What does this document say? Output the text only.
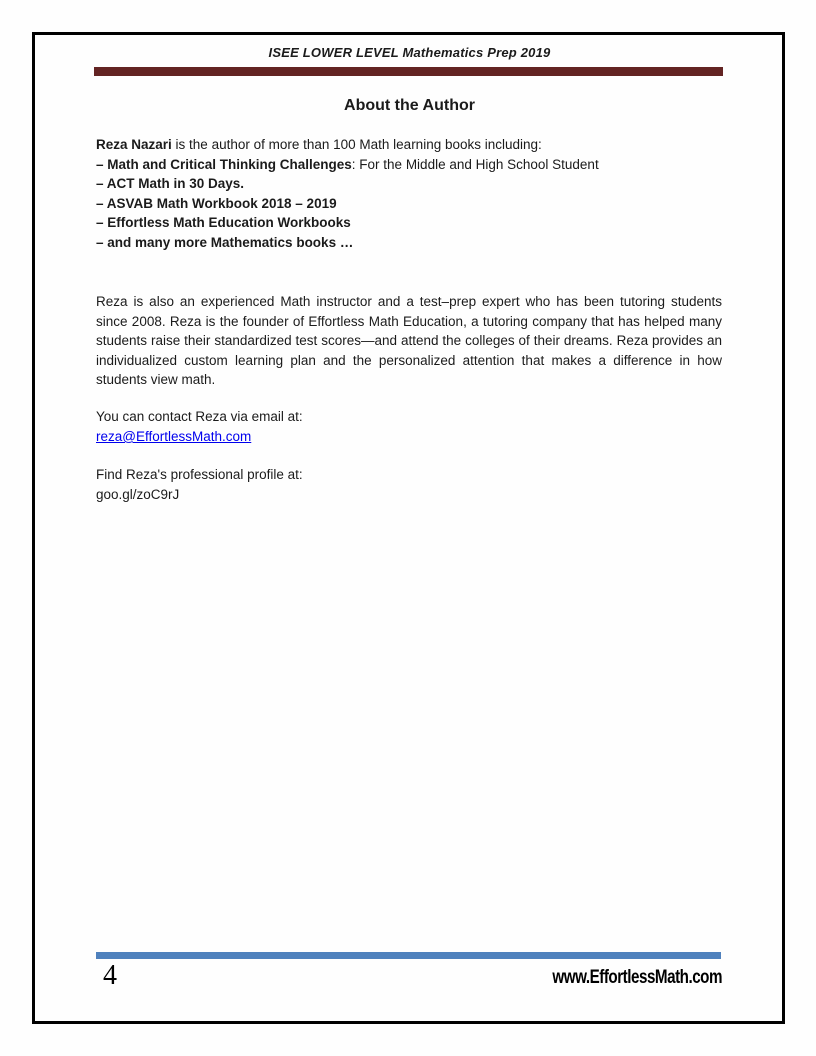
ISEE LOWER LEVEL Mathematics Prep 2019
About the Author
Reza Nazari is the author of more than 100 Math learning books including:
– Math and Critical Thinking Challenges: For the Middle and High School Student
– ACT Math in 30 Days.
– ASVAB Math Workbook 2018 – 2019
– Effortless Math Education Workbooks
– and many more Mathematics books …
Reza is also an experienced Math instructor and a test–prep expert who has been tutoring students since 2008. Reza is the founder of Effortless Math Education, a tutoring company that has helped many students raise their standardized test scores—and attend the colleges of their dreams. Reza provides an individualized custom learning plan and the personalized attention that makes a difference in how students view math.
You can contact Reza via email at:
reza@EffortlessMath.com
Find Reza's professional profile at:
goo.gl/zoC9rJ
4	www.EffortlessMath.com
